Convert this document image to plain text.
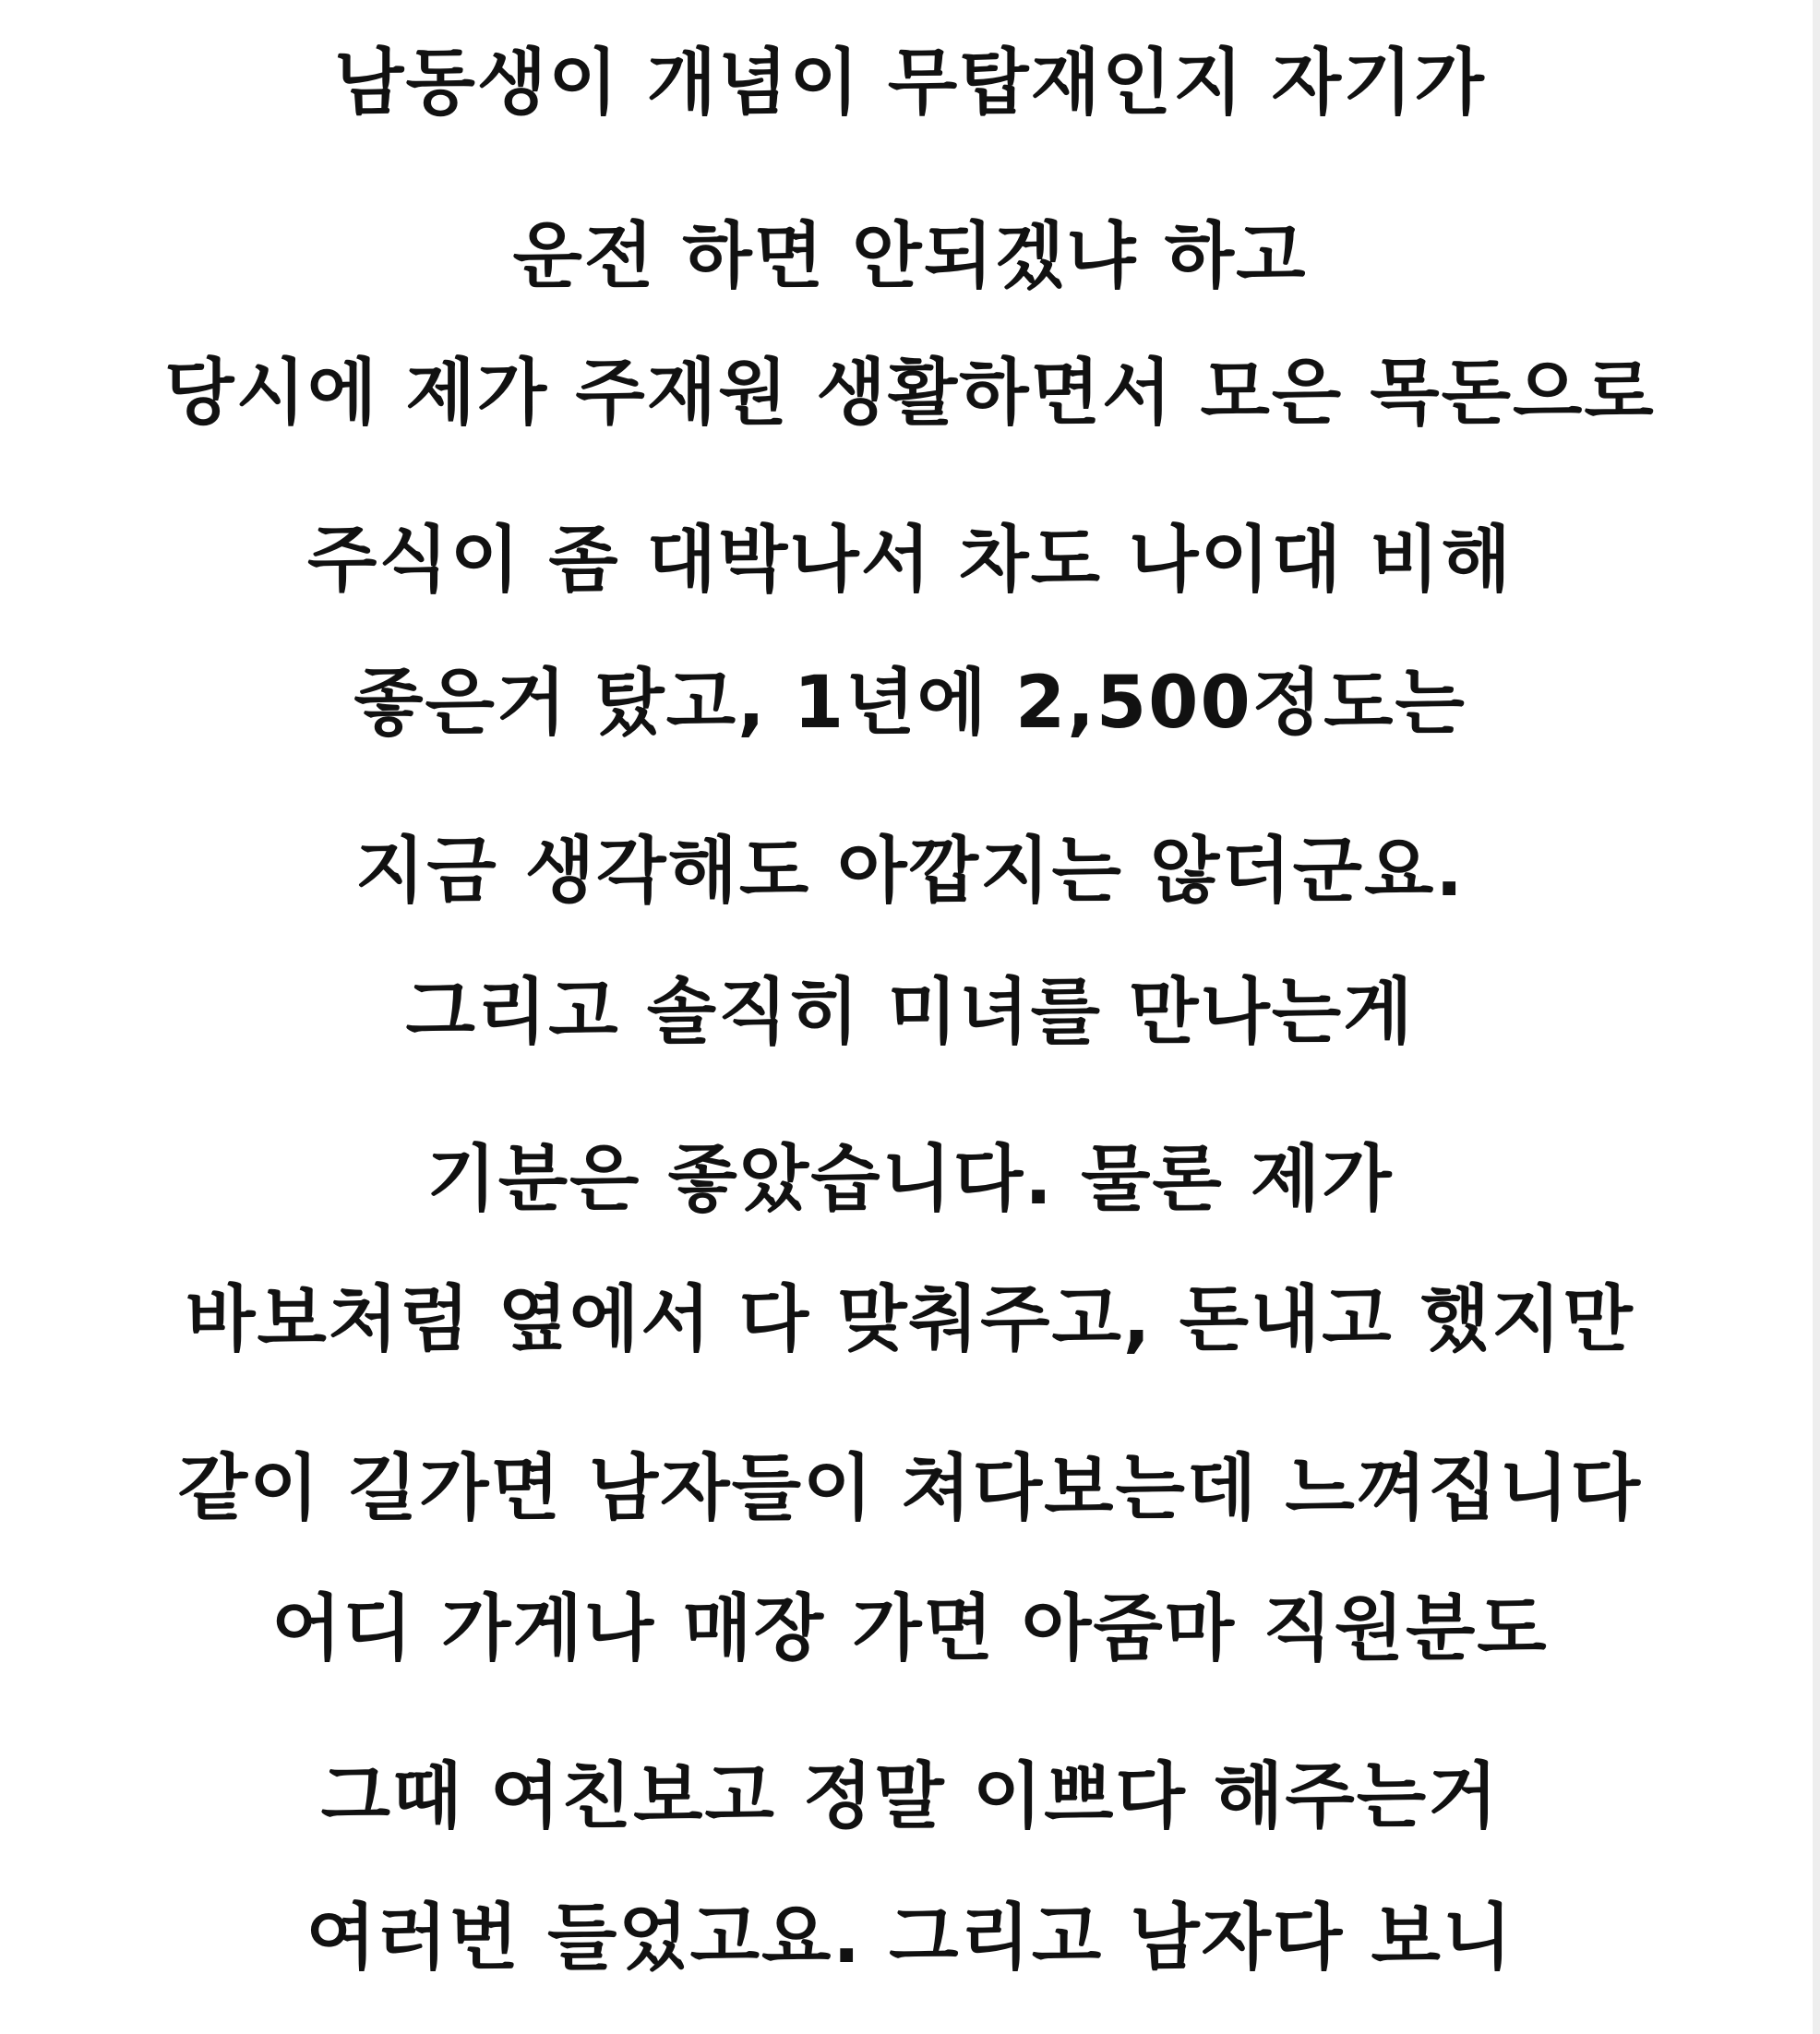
남동생이 개념이 무탑재인지 자기가
운전 하면 안되겠냐 하고
당시에 제가 주재원 생활하면서 모은 목돈으로
주식이 좀 대박나서 차도 나이대 비해
좋은거 탔고, 1년에 2,500정도는
지금 생각해도 아깝지는 않더군요.
그리고 솔직히 미녀를 만나는게
기분은 좋았습니다. 물론 제가
바보처럼 옆에서 다 맞춰주고, 돈내고 했지만
같이 길가면 남자들이 쳐다보는데 느껴집니다
어디 가게나 매장 가면 아줌마 직원분도
그때 여친보고 정말 이쁘다 해주는거
여러번 들었고요. 그리고 남자다 보니
